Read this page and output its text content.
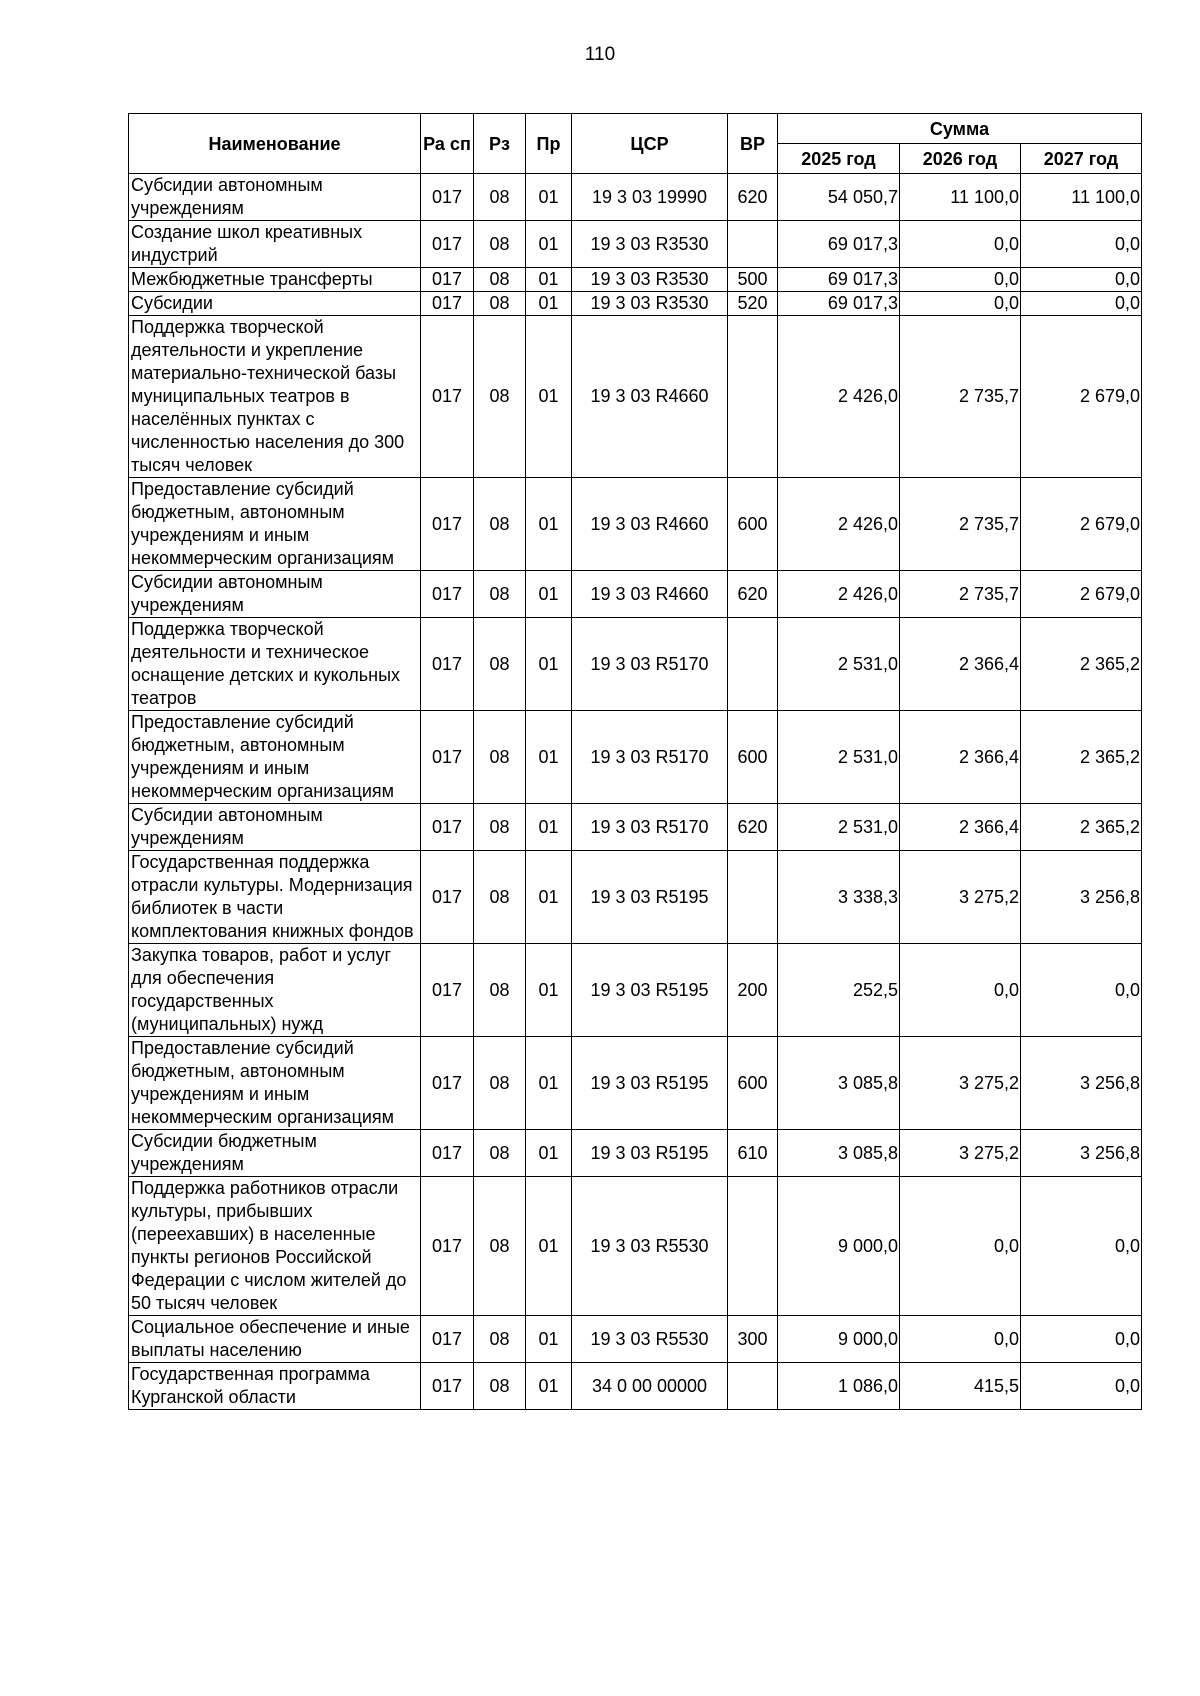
110
Наименование	Ра сп	Рз	Пр	ЦСР	ВР	Сумма		
						2025 год	2026 год	2027 год
Субсидии автономным учреждениям	017	08	01	19 3 03 19990	620	54 050,7	11 100,0	11 100,0
Создание школ креативных индустрий	017	08	01	19 3 03 R3530		69 017,3	0,0	0,0
Межбюджетные трансферты	017	08	01	19 3 03 R3530	500	69 017,3	0,0	0,0
Субсидии	017	08	01	19 3 03 R3530	520	69 017,3	0,0	0,0
Поддержка творческой деятельности и укрепление материально-технической базы муниципальных театров в населённых пунктах с численностью населения до 300 тысяч человек	017	08	01	19 3 03 R4660		2 426,0	2 735,7	2 679,0
Предоставление субсидий бюджетным, автономным учреждениям и иным некоммерческим организациям	017	08	01	19 3 03 R4660	600	2 426,0	2 735,7	2 679,0
Субсидии автономным учреждениям	017	08	01	19 3 03 R4660	620	2 426,0	2 735,7	2 679,0
Поддержка творческой деятельности и техническое оснащение детских и кукольных театров	017	08	01	19 3 03 R5170		2 531,0	2 366,4	2 365,2
Предоставление субсидий бюджетным, автономным учреждениям и иным некоммерческим организациям	017	08	01	19 3 03 R5170	600	2 531,0	2 366,4	2 365,2
Субсидии автономным учреждениям	017	08	01	19 3 03 R5170	620	2 531,0	2 366,4	2 365,2
Государственная поддержка отрасли культуры. Модернизация библиотек в части комплектования книжных фондов	017	08	01	19 3 03 R5195		3 338,3	3 275,2	3 256,8
Закупка товаров, работ и услуг для обеспечения государственных (муниципальных) нужд	017	08	01	19 3 03 R5195	200	252,5	0,0	0,0
Предоставление субсидий бюджетным, автономным учреждениям и иным некоммерческим организациям	017	08	01	19 3 03 R5195	600	3 085,8	3 275,2	3 256,8
Субсидии бюджетным учреждениям	017	08	01	19 3 03 R5195	610	3 085,8	3 275,2	3 256,8
Поддержка работников отрасли культуры, прибывших (переехавших) в населенные пункты регионов Российской Федерации с числом жителей до 50 тысяч человек	017	08	01	19 3 03 R5530		9 000,0	0,0	0,0
Социальное обеспечение и иные выплаты населению	017	08	01	19 3 03 R5530	300	9 000,0	0,0	0,0
Государственная программа Курганской области	017	08	01	34 0 00 00000		1 086,0	415,5	0,0
